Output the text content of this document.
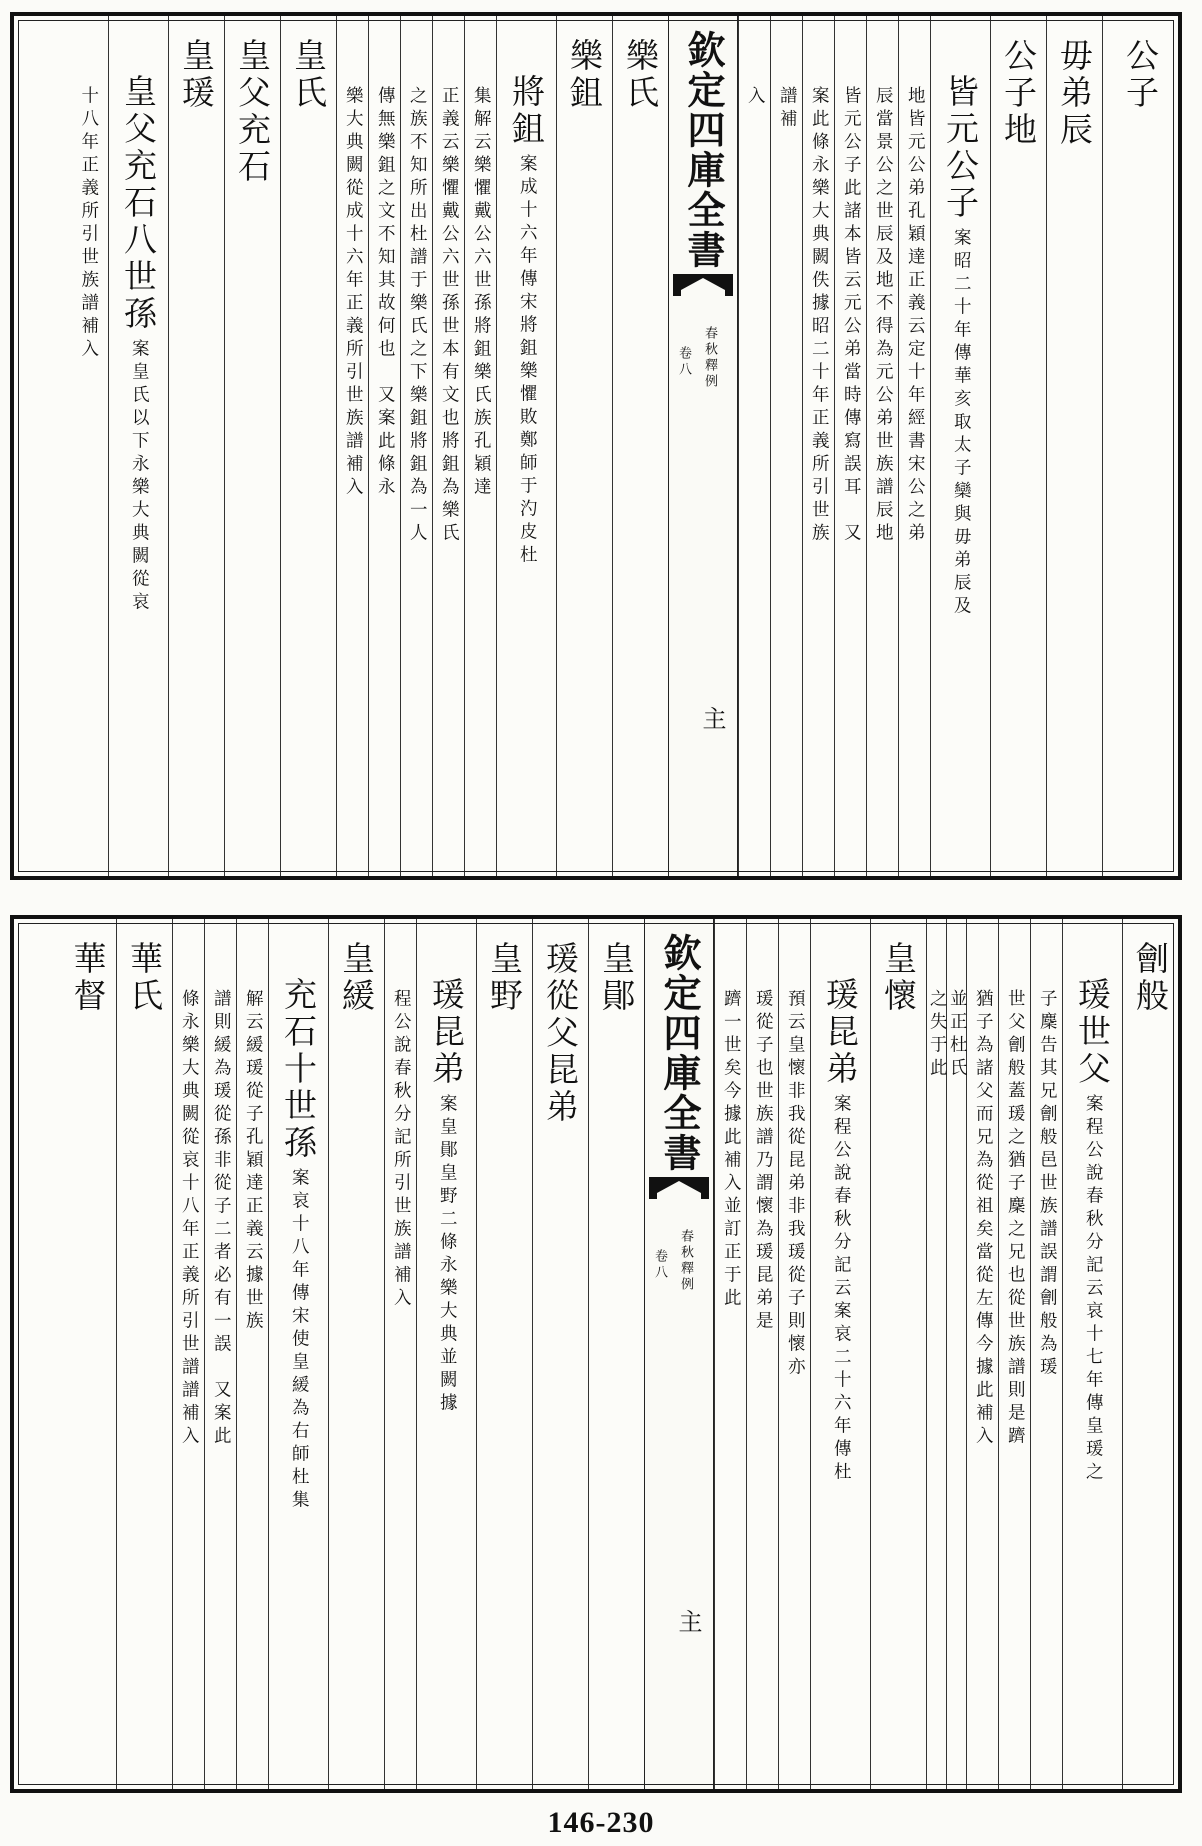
公子
毋弟辰
公子地
皆元公子
案昭二十年傳華亥取太子欒與毋弟辰及
地皆元公弟孔穎達正義云定十年經書宋公之弟
辰當景公之世辰及地不得為元公弟世族譜辰地
皆元公子此諸本皆云元公弟當時傳寫誤耳　又
案此條永樂大典闕佚據昭二十年正義所引世族
譜補
入
欽定四庫全書
春秋釋例
卷八
主
樂氏
樂鉏
將鉏
案成十六年傳宋將鉏樂懼敗鄭師于汋皮杜
集解云樂懼戴公六世孫將鉏樂氏族孔穎達
正義云樂懼戴公六世孫世本有文也將鉏為樂氏
之族不知所出杜譜于樂氏之下樂鉏將鉏為一人
傳無樂鉏之文不知其故何也　又案此條永
樂大典闕從成十六年正義所引世族譜補入
皇氏
皇父充石
皇瑗
皇父充石八世孫
案皇氏以下永樂大典闕從哀
十八年正義所引世族譜補入
劊般
瑗世父
案程公說春秋分記云哀十七年傳皇瑗之
子麇告其兄劊般邑世族譜誤謂劊般為瑗
世父劊般蓋瑗之猶子麇之兄也從世族譜則是躋
猶子為諸父而兄為從祖矣當從左傳今據此補入
並正杜氏
之失于此
皇懷
瑗昆弟
案程公說春秋分記云案哀二十六年傳杜
預云皇懷非我從昆弟非我瑗從子則懷亦
瑗從子也世族譜乃謂懷為瑗昆弟是
躋一世矣今據此補入並訂正于此
欽定四庫全書
春秋釋例
卷八
主
皇鄖
瑗從父昆弟
皇野
瑗昆弟
案皇鄖皇野二條永樂大典並闕據
程公說春秋分記所引世族譜補入
皇緩
充石十世孫
案哀十八年傳宋使皇緩為右師杜集
解云緩瑗從子孔穎達正義云據世族
譜則緩為瑗從孫非從子二者必有一誤　又案此
條永樂大典闕從哀十八年正義所引世譜譜補入
華氏
華督
146-230
